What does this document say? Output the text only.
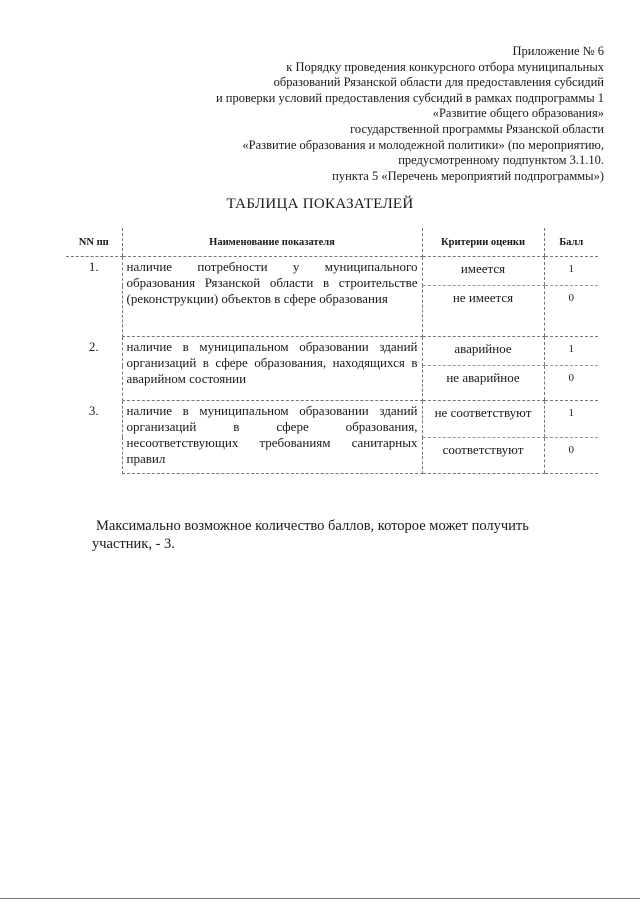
Приложение № 6
к Порядку проведения конкурсного отбора муниципальных
образований Рязанской области для предоставления субсидий
и проверки условий предоставления субсидий в рамках подпрограммы 1
«Развитие общего образования»
государственной программы Рязанской области
«Развитие образования и молодежной политики» (по мероприятию,
предусмотренному подпунктом 3.1.10.
пункта 5 «Перечень мероприятий подпрограммы»)
ТАБЛИЦА ПОКАЗАТЕЛЕЙ
NN пп	Наименование показателя	Критерии оценки	Балл
1.	наличие потребности у муниципального образования Рязанской области в строительстве (реконструкции) объектов в сфере образования	имеется	1
		не имеется	0
2.	наличие в муниципальном образовании зданий организаций в сфере образования, находящихся в аварийном состоянии	аварийное	1
		не аварийное	0
3.	наличие в муниципальном образовании зданий организаций в сфере образования, несоответствующих требованиям санитарных правил	не соответствуют	1
		соответствуют	0
Максимально возможное количество баллов, которое может получить
участник, - 3.
